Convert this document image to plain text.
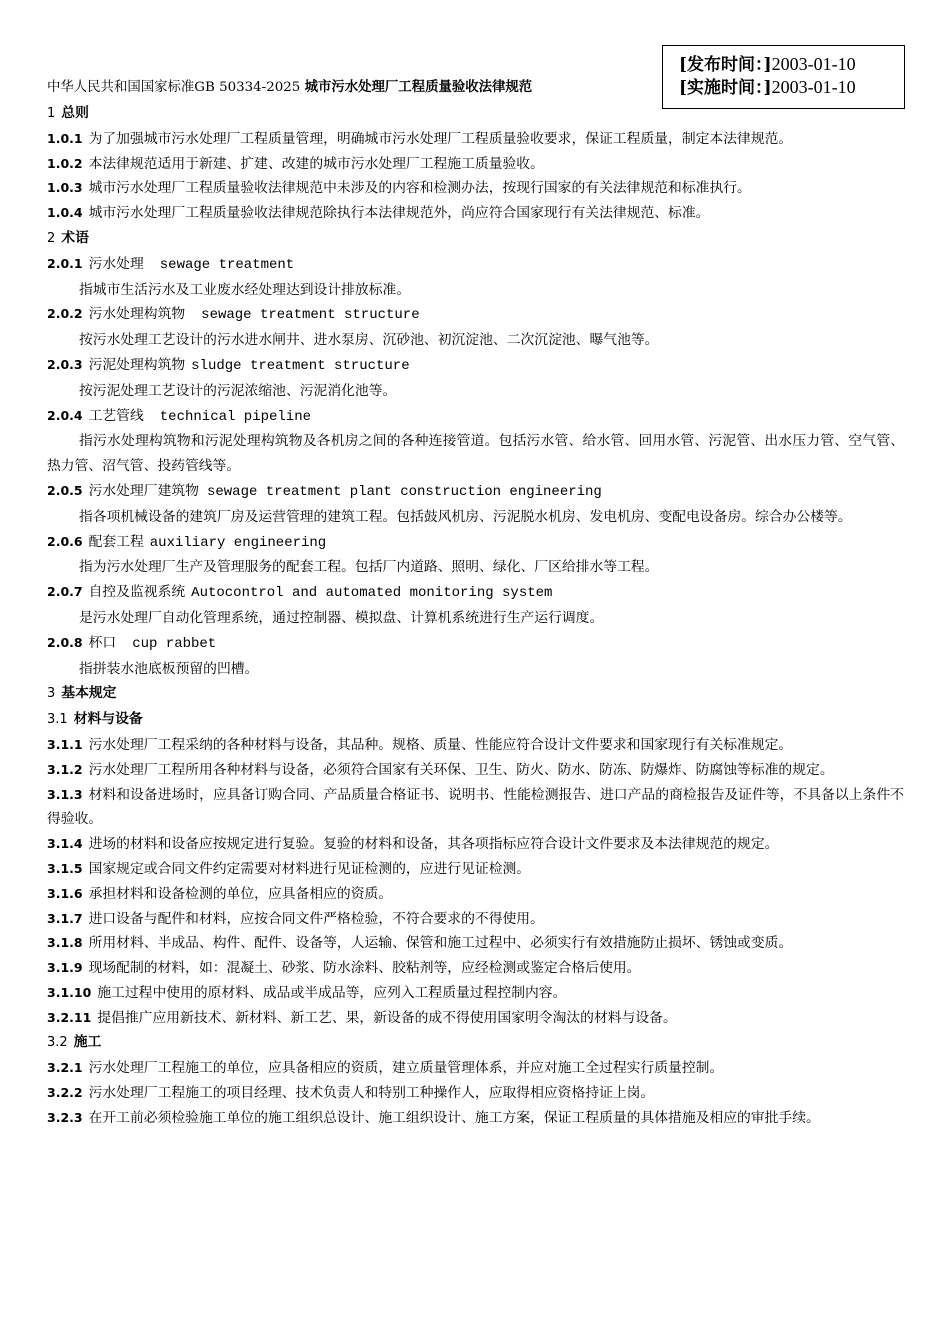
[发布时间：]2003-01-10
[实施时间：]2003-01-10
中华人民共和国国家标准GB 50334-2025 城市污水处理厂工程质量验收法律规范

1 总则

1.0.1 为了加强城市污水处理厂工程质量管理，明确城市污水处理厂工程质量验收要求，保证工程质量，制定本法律规范。

1.0.2 本法律规范适用于新建、扩建、改建的城市污水处理厂工程施工质量验收。

1.0.3 城市污水处理厂工程质量验收法律规范中未涉及的内容和检测办法，按现行国家的有关法律规范和标准执行。

1.0.4 城市污水处理厂工程质量验收法律规范除执行本法律规范外，尚应符合国家现行有关法律规范、标准。

2 术语

2.0.1 污水处理 sewage treatment

指城市生活污水及工业废水经处理达到设计排放标准。

2.0.2 污水处理构筑物 sewage treatment structure

按污水处理工艺设计的污水进水闸井、进水泵房、沉砂池、初沉淀池、二次沉淀池、曝气池等。

2.0.3 污泥处理构筑物 sludge treatment structure

按污泥处理工艺设计的污泥浓缩池、污泥消化池等。

2.0.4 工艺管线 technical pipeline

指污水处理构筑物和污泥处理构筑物及各机房之间的各种连接管道。包括污水管、给水管、回用水管、污泥管、出水压力管、空气管、热力管、沼气管、投药管线等。

2.0.5 污水处理厂建筑物 sewage treatment plant construction engineering

指各项机械设备的建筑厂房及运营管理的建筑工程。包括鼓风机房、污泥脱水机房、发电机房、变配电设备房。综合办公楼等。

2.0.6 配套工程 auxiliary engineering

指为污水处理厂生产及管理服务的配套工程。包括厂内道路、照明、绿化、厂区给排水等工程。

2.0.7 自控及监视系统 Autocontrol and automated monitoring system

是污水处理厂自动化管理系统，通过控制器、模拟盘、计算机系统进行生产运行调度。

2.0.8 杯口 cup rabbet

指拼装水池底板预留的凹槽。

3 基本规定

3.1 材料与设备

3.1.1 污水处理厂工程采纳的各种材料与设备，其品种。规格、质量、性能应符合设计文件要求和国家现行有关标准规定。

3.1.2 污水处理厂工程所用各种材料与设备，必须符合国家有关环保、卫生、防火、防水、防冻、防爆炸、防腐蚀等标准的规定。

3.1.3 材料和设备进场时，应具备订购合同、产品质量合格证书、说明书、性能检测报告、进口产品的商检报告及证件等，不具备以上条件不得验收。

3.1.4 进场的材料和设备应按规定进行复验。复验的材料和设备，其各项指标应符合设计文件要求及本法律规范的规定。

3.1.5 国家规定或合同文件约定需要对材料进行见证检测的，应进行见证检测。

3.1.6 承担材料和设备检测的单位，应具备相应的资质。

3.1.7 进口设备与配件和材料，应按合同文件严格检验，不符合要求的不得使用。

3.1.8 所用材料、半成品、构件、配件、设备等，人运输、保管和施工过程中、必须实行有效措施防止损坏、锈蚀或变质。

3.1.9 现场配制的材料，如：混凝土、砂浆、防水涂料、胶粘剂等，应经检测或鉴定合格后使用。

3.1.10 施工过程中使用的原材料、成品或半成品等，应列入工程质量过程控制内容。

3.2.11 提倡推广应用新技术、新材料、新工艺、果，新设备的成不得使用国家明令淘汰的材料与设备。

3.2 施工

3.2.1 污水处理厂工程施工的单位，应具备相应的资质，建立质量管理体系，并应对施工全过程实行质量控制。

3.2.2 污水处理厂工程施工的项目经理、技术负责人和特别工种操作人，应取得相应资格持证上岗。

3.2.3 在开工前必须检验施工单位的施工组织总设计、施工组织设计、施工方案，保证工程质量的具体措施及相应的审批手续。
